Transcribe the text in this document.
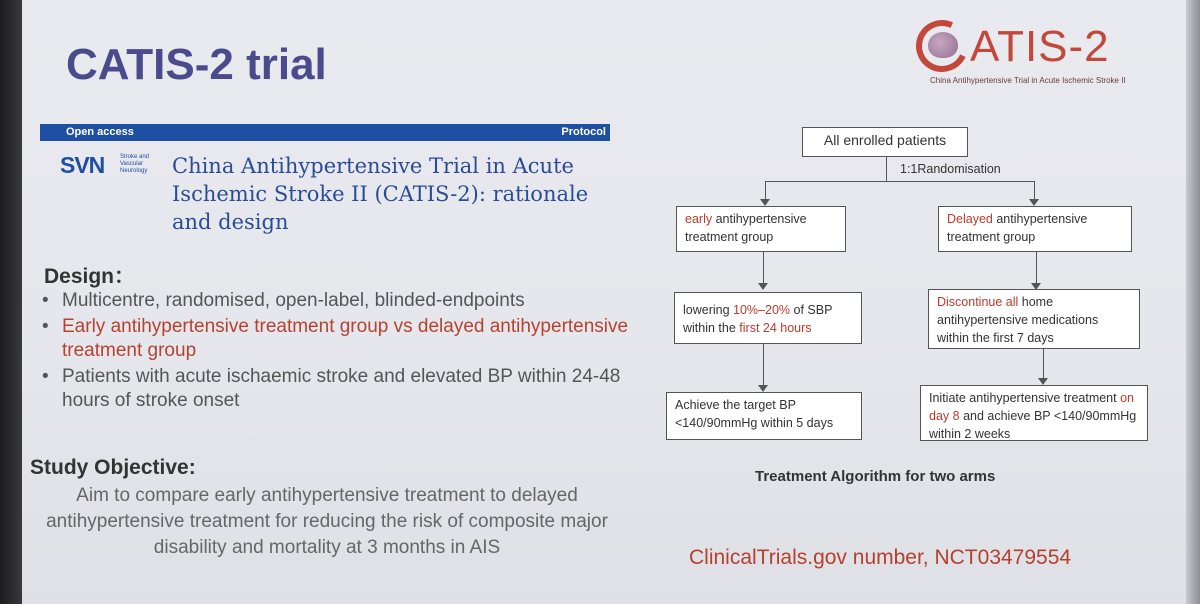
CATIS-2 trial	ATIS-2
China Antihypertensive Trial in Acute Ischemic Stroke II
Open access	Protocol
SVN	Stroke and Vascular Neurology	China Antihypertensive Trial in Acute Ischemic Stroke II (CATIS-2): rationale and design
Design：
• Multicentre, randomised, open-label, blinded-endpoints
• Early antihypertensive treatment group vs delayed antihypertensive treatment group
• Patients with acute ischaemic stroke and elevated BP within 24-48 hours of stroke onset
Study Objective:
Aim to compare early antihypertensive treatment to delayed antihypertensive treatment for reducing the risk of composite major disability and mortality at 3 months in AIS
All enrolled patients
1:1Randomisation
early antihypertensive treatment group
Delayed antihypertensive treatment group
lowering 10%–20% of SBP within the first 24 hours
Discontinue all home antihypertensive medications within the first 7 days
Achieve the target BP <140/90mmHg within 5 days
Initiate antihypertensive treatment on day 8 and achieve BP <140/90mmHg within 2 weeks
Treatment Algorithm for two arms
ClinicalTrials.gov number, NCT03479554
